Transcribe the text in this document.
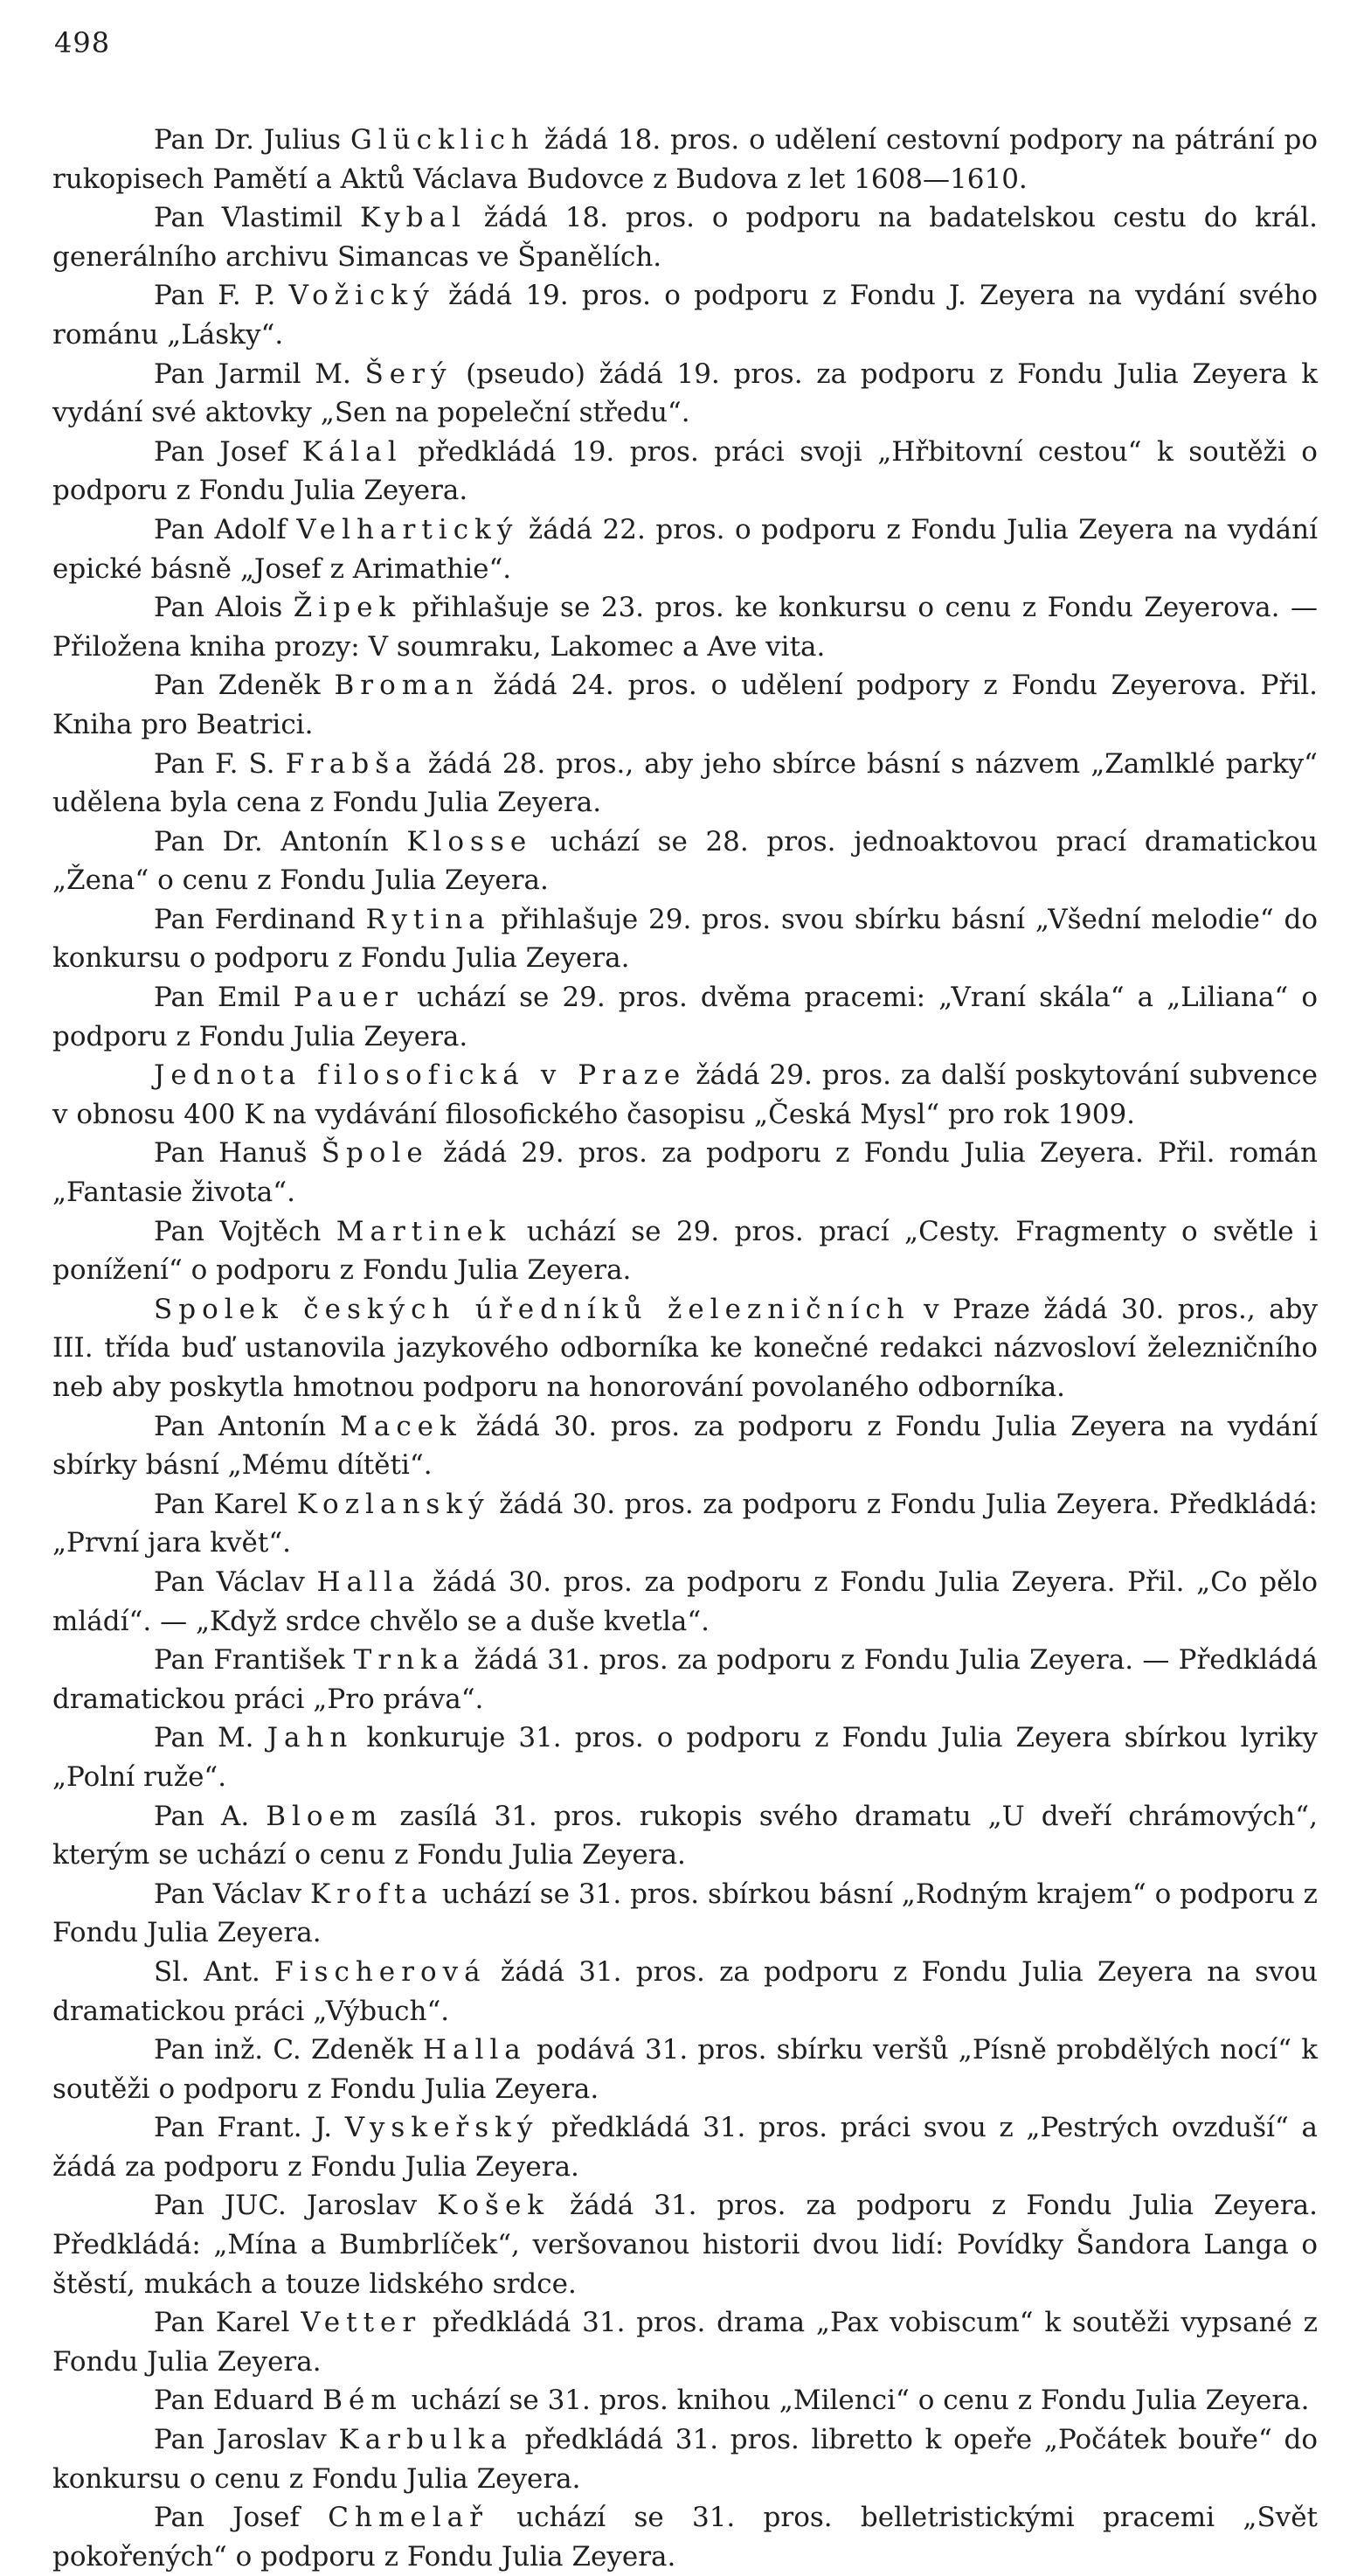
498

Pan Dr. Julius Glücklich žádá 18. pros. o udělení cestovní podpory na pátrání po rukopisech Pamětí a Aktů Václava Budovce z Budova z let 1608—1610.

Pan Vlastimil Kybal žádá 18. pros. o podporu na badatelskou cestu do král. generálního archivu Simancas ve Španělích.

Pan F. P. Vožický žádá 19. pros. o podporu z Fondu J. Zeyera na vydání svého románu „Lásky“.

Pan Jarmil M. Šerý (pseudo) žádá 19. pros. za podporu z Fondu Julia Zeyera k vydání své aktovky „Sen na popeleční středu“.

Pan Josef Kálal předkládá 19. pros. práci svoji „Hřbitovní cestou“ k soutěži o podporu z Fondu Julia Zeyera.

Pan Adolf Velhartický žádá 22. pros. o podporu z Fondu Julia Zeyera na vydání epické básně „Josef z Arimathie“.

Pan Alois Žipek přihlašuje se 23. pros. ke konkursu o cenu z Fondu Zeyerova. — Přiložena kniha prozy: V soumraku, Lakomec a Ave vita.

Pan Zdeněk Broman žádá 24. pros. o udělení podpory z Fondu Zeyerova. Přil. Kniha pro Beatrici.

Pan F. S. Frabša žádá 28. pros., aby jeho sbírce básní s názvem „Zamlklé parky“ udělena byla cena z Fondu Julia Zeyera.

Pan Dr. Antonín Klosse uchází se 28. pros. jednoaktovou prací dramatickou „Žena“ o cenu z Fondu Julia Zeyera.

Pan Ferdinand Rytina přihlašuje 29. pros. svou sbírku básní „Všední melodie“ do konkursu o podporu z Fondu Julia Zeyera.

Pan Emil Pauer uchází se 29. pros. dvěma pracemi: „Vraní skála“ a „Liliana“ o podporu z Fondu Julia Zeyera.

Jednota filosofická v Praze žádá 29. pros. za další poskytování subvence v obnosu 400 K na vydávání filosofického časopisu „Česká Mysl“ pro rok 1909.

Pan Hanuš Špole žádá 29. pros. za podporu z Fondu Julia Zeyera. Přil. román „Fantasie života“.

Pan Vojtěch Martinek uchází se 29. pros. prací „Cesty. Fragmenty o světle i ponížení“ o podporu z Fondu Julia Zeyera.

Spolek českých úředníků železničních v Praze žádá 30. pros., aby III. třída buď ustanovila jazykového odborníka ke konečné redakci názvosloví železničního neb aby poskytla hmotnou podporu na honorování povolaného odborníka.

Pan Antonín Macek žádá 30. pros. za podporu z Fondu Julia Zeyera na vydání sbírky básní „Mému dítěti“.

Pan Karel Kozlanský žádá 30. pros. za podporu z Fondu Julia Zeyera. Předkládá: „První jara květ“.

Pan Václav Halla žádá 30. pros. za podporu z Fondu Julia Zeyera. Přil. „Co pělo mládí“. — „Když srdce chvělo se a duše kvetla“.

Pan František Trnka žádá 31. pros. za podporu z Fondu Julia Zeyera. — Předkládá dramatickou práci „Pro práva“.

Pan M. Jahn konkuruje 31. pros. o podporu z Fondu Julia Zeyera sbírkou lyriky „Polní ruže“.

Pan A. Bloem zasílá 31. pros. rukopis svého dramatu „U dveří chrámových“, kterým se uchází o cenu z Fondu Julia Zeyera.

Pan Václav Krofta uchází se 31. pros. sbírkou básní „Rodným krajem“ o podporu z Fondu Julia Zeyera.

Sl. Ant. Fischerová žádá 31. pros. za podporu z Fondu Julia Zeyera na svou dramatickou práci „Výbuch“.

Pan inž. C. Zdeněk Halla podává 31. pros. sbírku veršů „Písně probdělých nocí“ k soutěži o podporu z Fondu Julia Zeyera.

Pan Frant. J. Vyskeřský předkládá 31. pros. práci svou z „Pestrých ovzduší“ a žádá za podporu z Fondu Julia Zeyera.

Pan JUC. Jaroslav Košek žádá 31. pros. za podporu z Fondu Julia Zeyera. Předkládá: „Mína a Bumbrlíček“, veršovanou historii dvou lidí: Povídky Šandora Langa o štěstí, mukách a touze lidského srdce.

Pan Karel Vetter předkládá 31. pros. drama „Pax vobiscum“ k soutěži vypsané z Fondu Julia Zeyera.

Pan Eduard Bém uchází se 31. pros. knihou „Milenci“ o cenu z Fondu Julia Zeyera.

Pan Jaroslav Karbulka předkládá 31. pros. libretto k opeře „Počátek bouře“ do konkursu o cenu z Fondu Julia Zeyera.

Pan Josef Chmelař uchází se 31. pros. belletristickými pracemi „Svět pokořených“ o podporu z Fondu Julia Zeyera.
